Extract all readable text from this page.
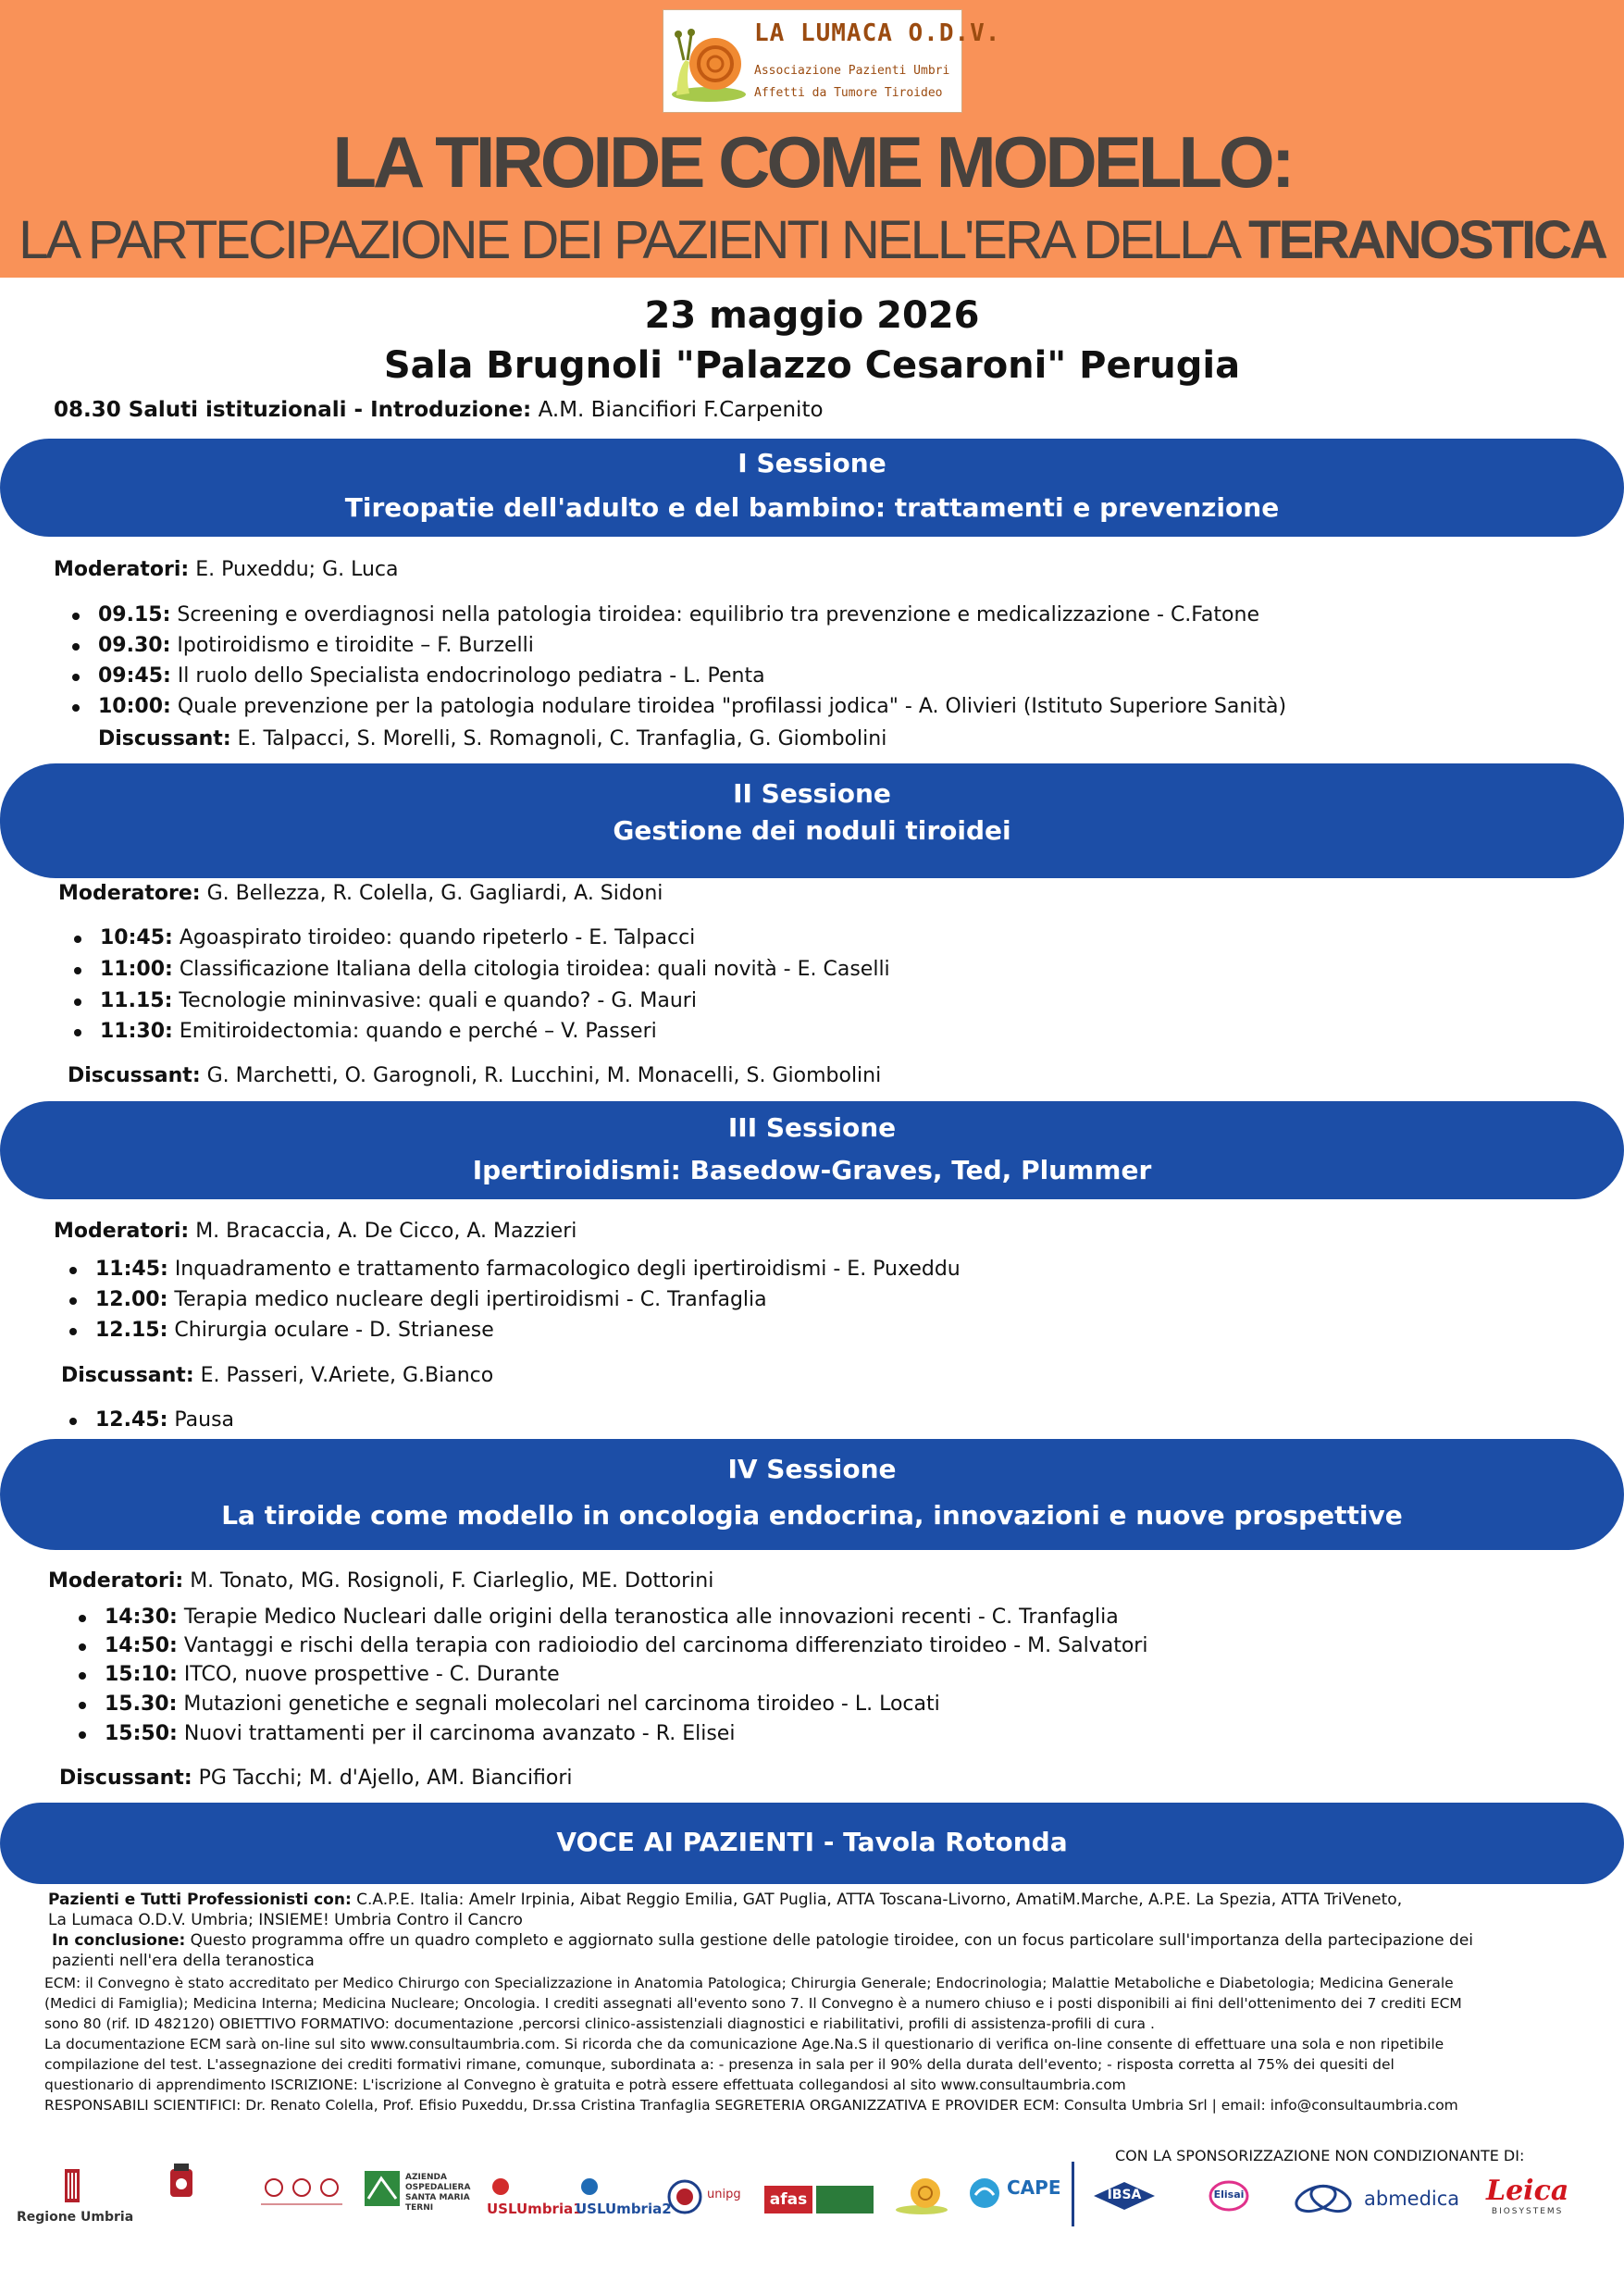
LA LUMACA O.D.V.
Associazione Pazienti Umbri
Affetti da Tumore Tiroideo
LA TIROIDE COME MODELLO:
LA PARTECIPAZIONE DEI PAZIENTI NELL'ERA DELLA TERANOSTICA
23 maggio 2026
Sala Brugnoli "Palazzo Cesaroni" Perugia
08.30 Saluti istituzionali - Introduzione: A.M. Biancifiori F.Carpenito
I Sessione
Tireopatie dell'adulto e del bambino: trattamenti e prevenzione
Moderatori: E. Puxeddu; G. Luca
09.15: Screening e overdiagnosi nella patologia tiroidea: equilibrio tra prevenzione e medicalizzazione - C.Fatone
09.30: Ipotiroidismo e tiroidite – F. Burzelli
09:45: Il ruolo dello Specialista endocrinologo pediatra - L. Penta
10:00: Quale prevenzione per la patologia nodulare tiroidea "profilassi jodica" - A. Olivieri (Istituto Superiore Sanità)
Discussant: E. Talpacci, S. Morelli, S. Romagnoli, C. Tranfaglia, G. Giombolini
II Sessione
Gestione dei noduli tiroidei
Moderatore: G. Bellezza, R. Colella, G. Gagliardi, A. Sidoni
10:45: Agoaspirato tiroideo: quando ripeterlo - E. Talpacci
11:00: Classificazione Italiana della citologia tiroidea: quali novità - E. Caselli
11.15: Tecnologie mininvasive: quali e quando? - G. Mauri
11:30: Emitiroidectomia: quando e perché – V. Passeri
Discussant: G. Marchetti, O. Garognoli, R. Lucchini, M. Monacelli, S. Giombolini
III Sessione
Ipertiroidismi: Basedow-Graves, Ted, Plummer
Moderatori: M. Bracaccia, A. De Cicco, A. Mazzieri
11:45: Inquadramento e trattamento farmacologico degli ipertiroidismi - E. Puxeddu
12.00: Terapia medico nucleare degli ipertiroidismi - C. Tranfaglia
12.15: Chirurgia oculare - D. Strianese
Discussant: E. Passeri, V.Ariete, G.Bianco
12.45: Pausa
IV Sessione
La tiroide come modello in oncologia endocrina, innovazioni e nuove prospettive
Moderatori: M. Tonato, MG. Rosignoli, F. Ciarleglio, ME. Dottorini
14:30: Terapie Medico Nucleari dalle origini della teranostica alle innovazioni recenti - C. Tranfaglia
14:50: Vantaggi e rischi della terapia con radioiodio del carcinoma differenziato tiroideo - M. Salvatori
15:10: ITCO, nuove prospettive - C. Durante
15.30: Mutazioni genetiche e segnali molecolari nel carcinoma tiroideo - L. Locati
15:50: Nuovi trattamenti per il carcinoma avanzato - R. Elisei
Discussant: PG Tacchi; M. d'Ajello, AM. Biancifiori
VOCE AI PAZIENTI - Tavola Rotonda
Pazienti e Tutti Professionisti con: C.A.P.E. Italia: Amelr Irpinia, Aibat Reggio Emilia, GAT Puglia, ATTA Toscana-Livorno, AmatiM.Marche, A.P.E. La Spezia, ATTA TriVeneto,
La Lumaca O.D.V. Umbria; INSIEME! Umbria Contro il Cancro
In conclusione: Questo programma offre un quadro completo e aggiornato sulla gestione delle patologie tiroidee, con un focus particolare sull'importanza della partecipazione dei
pazienti nell'era della teranostica
ECM: il Convegno è stato accreditato per Medico Chirurgo con Specializzazione in Anatomia Patologica; Chirurgia Generale; Endocrinologia; Malattie Metaboliche e Diabetologia; Medicina Generale
(Medici di Famiglia); Medicina Interna; Medicina Nucleare; Oncologia. I crediti assegnati all'evento sono 7. Il Convegno è a numero chiuso e i posti disponibili ai fini dell'ottenimento dei 7 crediti ECM
sono 80 (rif. ID 482120) OBIETTIVO FORMATIVO: documentazione ,percorsi clinico-assistenziali diagnostici e riabilitativi, profili di assistenza-profili di cura .
La documentazione ECM sarà on-line sul sito www.consultaumbria.com. Si ricorda che da comunicazione Age.Na.S il questionario di verifica on-line consente di effettuare una sola e non ripetibile
compilazione del test. L'assegnazione dei crediti formativi rimane, comunque, subordinata a: - presenza in sala per il 90% della durata dell'evento; - risposta corretta al 75% dei quesiti del
questionario di apprendimento ISCRIZIONE: L'iscrizione al Convegno è gratuita e potrà essere effettuata collegandosi al sito www.consultaumbria.com
RESPONSABILI SCIENTIFICI: Dr. Renato Colella, Prof. Efisio Puxeddu, Dr.ssa Cristina Tranfaglia SEGRETERIA ORGANIZZATIVA E PROVIDER ECM: Consulta Umbria Srl | email: info@consultaumbria.com
CON LA SPONSORIZZAZIONE NON CONDIZIONANTE DI:
Regione Umbria
AZIENDA OSPEDALIERA SANTA MARIA TERNI	USLUmbria1
USLUmbria2
unipg	afas
CAPE	IBSA	Elisai	abmedica Leica
BIOSYSTEMS
